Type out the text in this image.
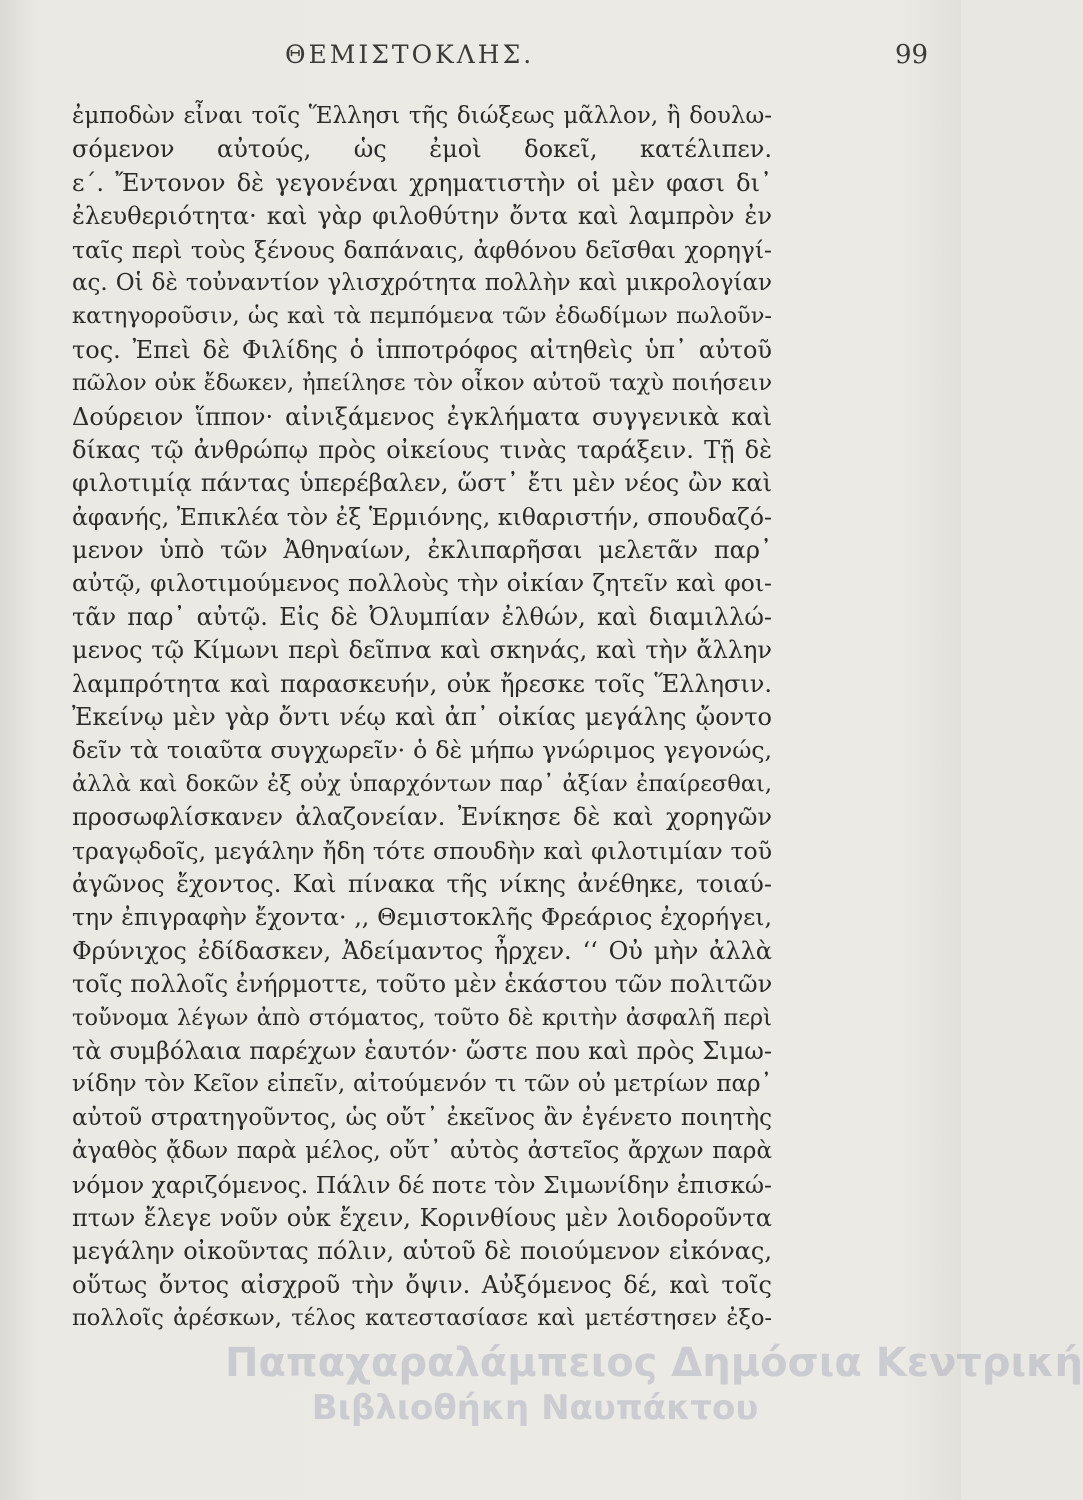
ΘΕΜΙΣΤΟΚΛΗΣ.	99
ἐμποδὼν εἶναι τοῖς Ἕλλησι τῆς διώξεως μᾶλλον, ἢ δουλω-
σόμενον αὐτούς, ὡς ἐμοὶ δοκεῖ, κατέλιπεν.
ε΄. Ἔντονον δὲ γεγονέναι χρηματιστὴν οἱ μὲν φασι δι᾽
ἐλευθεριότητα· καὶ γὰρ φιλοθύτην ὄντα καὶ λαμπρὸν ἐν
ταῖς περὶ τοὺς ξένους δαπάναις, ἀφθόνου δεῖσθαι χορηγί-
ας. Οἱ δὲ τοὐναντίον γλισχρότητα πολλὴν καὶ μικρολογίαν
κατηγοροῦσιν, ὡς καὶ τὰ πεμπόμενα τῶν ἐδωδίμων πωλοῦν-
τος. Ἐπεὶ δὲ Φιλίδης ὁ ἱπποτρόφος αἰτηθεὶς ὑπ᾽ αὐτοῦ
πῶλον οὐκ ἔδωκεν, ἠπείλησε τὸν οἶκον αὐτοῦ ταχὺ ποιήσειν
Δούρειον ἵππον· αἰνιξάμενος ἐγκλήματα συγγενικὰ καὶ
δίκας τῷ ἀνθρώπῳ πρὸς οἰκείους τινὰς ταράξειν. Τῇ δὲ
φιλοτιμίᾳ πάντας ὑπερέβαλεν, ὥστ᾽ ἔτι μὲν νέος ὢν καὶ
ἀφανής, Ἐπικλέα τὸν ἐξ Ἑρμιόνης, κιθαριστήν, σπουδαζό-
μενον ὑπὸ τῶν Ἀθηναίων, ἐκλιπαρῆσαι μελετᾶν παρ᾽
αὐτῷ, φιλοτιμούμενος πολλοὺς τὴν οἰκίαν ζητεῖν καὶ φοι-
τᾶν παρ᾽ αὐτῷ. Εἰς δὲ Ὀλυμπίαν ἐλθών, καὶ διαμιλλώ-
μενος τῷ Κίμωνι περὶ δεῖπνα καὶ σκηνάς, καὶ τὴν ἄλλην
λαμπρότητα καὶ παρασκευήν, οὐκ ἤρεσκε τοῖς Ἕλλησιν.
Ἐκείνῳ μὲν γὰρ ὄντι νέῳ καὶ ἀπ᾽ οἰκίας μεγάλης ᾤοντο
δεῖν τὰ τοιαῦτα συγχωρεῖν· ὁ δὲ μήπω γνώριμος γεγονώς,
ἀλλὰ καὶ δοκῶν ἐξ οὐχ ὑπαρχόντων παρ᾽ ἀξίαν ἐπαίρεσθαι,
προσωφλίσκανεν ἀλαζονείαν. Ἐνίκησε δὲ καὶ χορηγῶν
τραγῳδοῖς, μεγάλην ἤδη τότε σπουδὴν καὶ φιλοτιμίαν τοῦ
ἀγῶνος ἔχοντος. Καὶ πίνακα τῆς νίκης ἀνέθηκε, τοιαύ-
την ἐπιγραφὴν ἔχοντα· ,, Θεμιστοκλῆς Φρεάριος ἐχορήγει,
Φρύνιχος ἐδίδασκεν, Ἀδείμαντος ἦρχεν. ‘‘ Οὐ μὴν ἀλλὰ
τοῖς πολλοῖς ἐνήρμοττε, τοῦτο μὲν ἑκάστου τῶν πολιτῶν
τοὔνομα λέγων ἀπὸ στόματος, τοῦτο δὲ κριτὴν ἀσφαλῆ περὶ
τὰ συμβόλαια παρέχων ἑαυτόν· ὥστε που καὶ πρὸς Σιμω-
νίδην τὸν Κεῖον εἰπεῖν, αἰτούμενόν τι τῶν οὐ μετρίων παρ᾽
αὐτοῦ στρατηγοῦντος, ὡς οὔτ᾽ ἐκεῖνος ἂν ἐγένετο ποιητὴς
ἀγαθὸς ᾄδων παρὰ μέλος, οὔτ᾽ αὐτὸς ἀστεῖος ἄρχων παρὰ
νόμον χαριζόμενος. Πάλιν δέ ποτε τὸν Σιμωνίδην ἐπισκώ-
πτων ἔλεγε νοῦν οὐκ ἔχειν, Κορινθίους μὲν λοιδοροῦντα
μεγάλην οἰκοῦντας πόλιν, αὑτοῦ δὲ ποιούμενον εἰκόνας,
οὕτως ὄντος αἰσχροῦ τὴν ὄψιν. Αὐξόμενος δέ, καὶ τοῖς
πολλοῖς ἀρέσκων, τέλος κατεστασίασε καὶ μετέστησεν ἐξο-
Παπαχαραλάμπειος Δημόσια Κεντρική
Βιβλιοθήκη Ναυπάκτου
